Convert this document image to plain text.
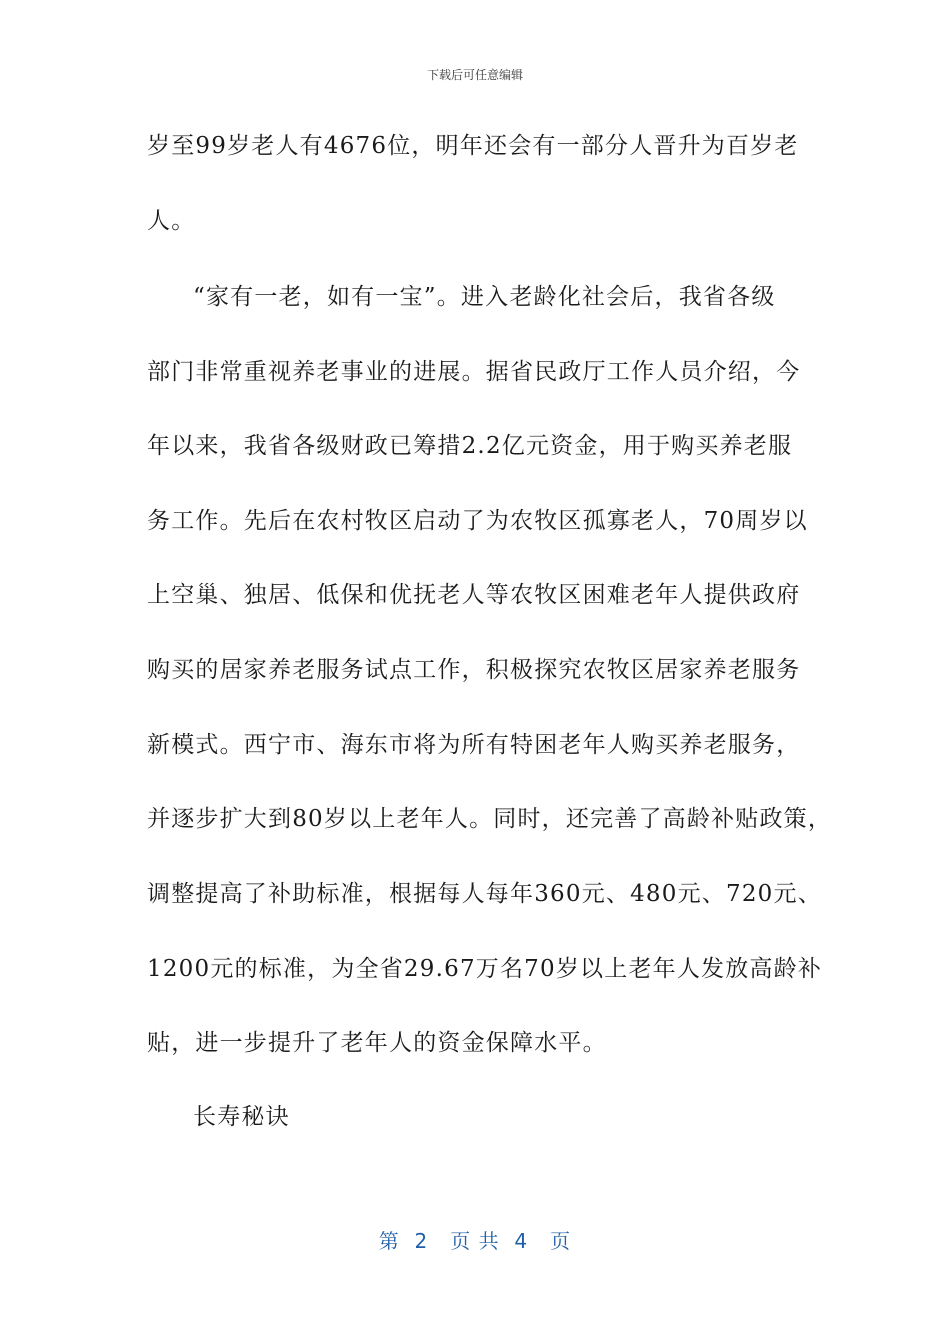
下载后可任意编辑
岁至99岁老人有4676位，明年还会有一部分人晋升为百岁老
人。
“家有一老，如有一宝”。进入老龄化社会后，我省各级
部门非常重视养老事业的进展。据省民政厅工作人员介绍，今
年以来，我省各级财政已筹措2.2亿元资金，用于购买养老服
务工作。先后在农村牧区启动了为农牧区孤寡老人，70周岁以
上空巢、独居、低保和优抚老人等农牧区困难老年人提供政府
购买的居家养老服务试点工作，积极探究农牧区居家养老服务
新模式。西宁市、海东市将为所有特困老年人购买养老服务，
并逐步扩大到80岁以上老年人。同时，还完善了高龄补贴政策，
调整提高了补助标准，根据每人每年360元、480元、720元、
1200元的标准，为全省29.67万名70岁以上老年人发放高龄补
贴，进一步提升了老年人的资金保障水平。
长寿秘诀
第  2   页 共  4   页
